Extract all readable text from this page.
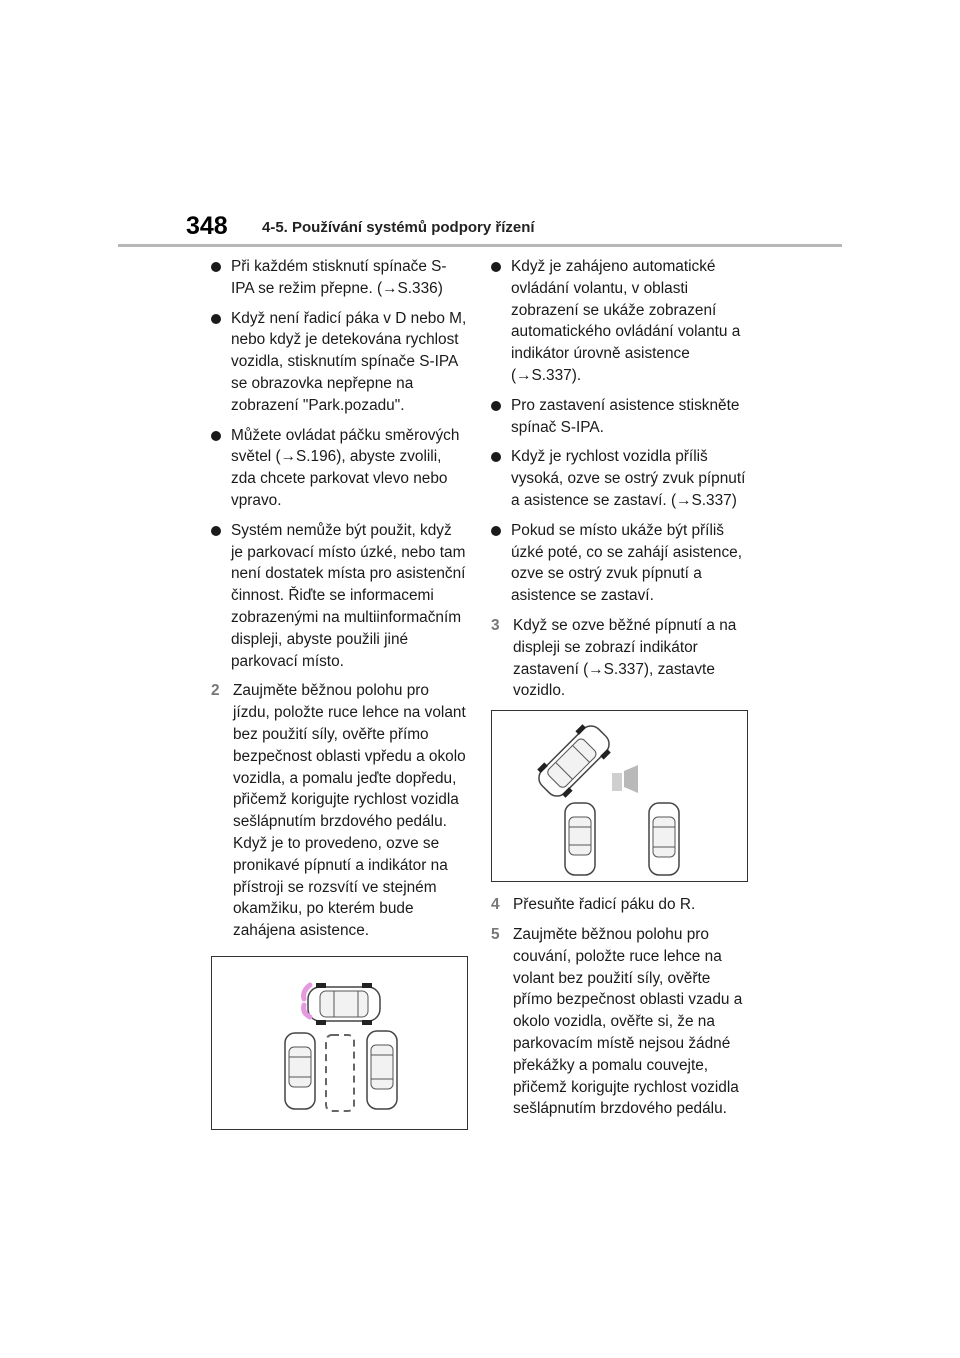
348 4-5. Používání systémů podpory řízení
Při každém stisknutí spínače S-IPA se režim přepne. (→S.336)
Když není řadicí páka v D nebo M, nebo když je detekována rychlost vozidla, stisknutím spínače S-IPA se obrazovka nepřepne na zobrazení "Park.pozadu".
Můžete ovládat páčku směrových světel (→S.196), abyste zvolili, zda chcete parkovat vlevo nebo vpravo.
Systém nemůže být použit, když je parkovací místo úzké, nebo tam není dostatek místa pro asistenční činnost. Řiďte se informacemi zobrazenými na multiinformačním displeji, abyste použili jiné parkovací místo.
2 Zaujměte běžnou polohu pro jízdu, položte ruce lehce na volant bez použití síly, ověřte přímo bezpečnost oblasti vpředu a okolo vozidla, a pomalu jeďte dopředu, přičemž korigujte rychlost vozidla sešlápnutím brzdového pedálu. Když je to provedeno, ozve se pronikavé pípnutí a indikátor na přístroji se rozsvítí ve stejném okamžiku, po kterém bude zahájena asistence.
Když je zahájeno automatické ovládání volantu, v oblasti zobrazení se ukáže zobrazení automatického ovládání volantu a indikátor úrovně asistence (→S.337).
Pro zastavení asistence stiskněte spínač S-IPA.
Když je rychlost vozidla příliš vysoká, ozve se ostrý zvuk pípnutí a asistence se zastaví. (→S.337)
Pokud se místo ukáže být příliš úzké poté, co se zahájí asistence, ozve se ostrý zvuk pípnutí a asistence se zastaví.
3 Když se ozve běžné pípnutí a na displeji se zobrazí indikátor zastavení (→S.337), zastavte vozidlo.
4 Přesuňte řadicí páku do R.
5 Zaujměte běžnou polohu pro couvání, položte ruce lehce na volant bez použití síly, ověřte přímo bezpečnost oblasti vzadu a okolo vozidla, ověřte si, že na parkovacím místě nejsou žádné překážky a pomalu couvejte, přičemž korigujte rychlost vozidla sešlápnutím brzdového pedálu.
